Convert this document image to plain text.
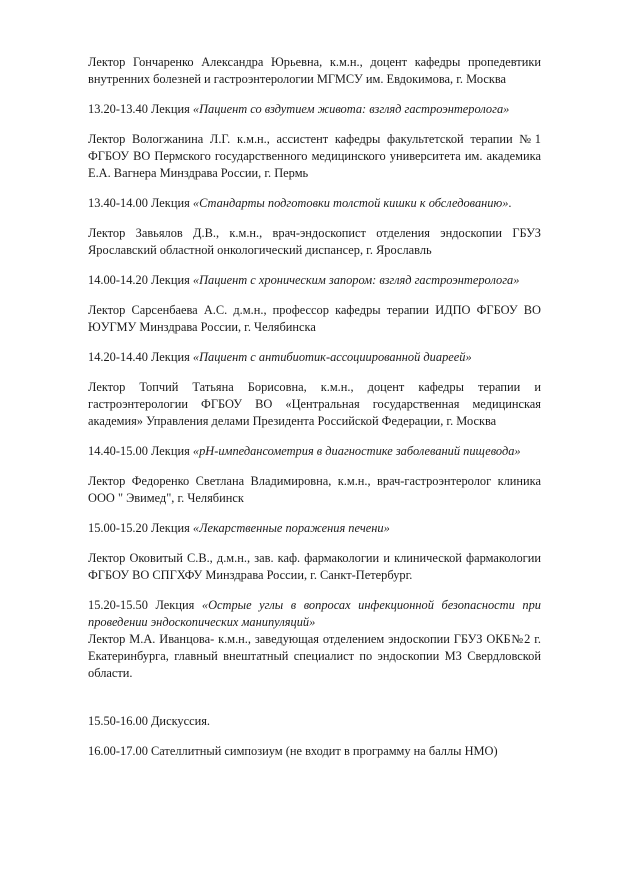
Лектор Гончаренко Александра Юрьевна, к.м.н., доцент кафедры пропедевтики внутренних болезней и гастроэнтерологии МГМСУ им. Евдокимова, г. Москва

13.20-13.40 Лекция «Пациент со вздутием живота: взгляд гастроэнтеролога»

Лектор Вологжанина Л.Г. к.м.н., ассистент кафедры факультетской терапии №1 ФГБОУ ВО Пермского государственного медицинского университета им. академика Е.А. Вагнера Минздрава России, г. Пермь

13.40-14.00 Лекция «Стандарты подготовки толстой кишки к обследованию».

Лектор Завьялов Д.В., к.м.н., врач-эндоскопист отделения эндоскопии ГБУЗ Ярославский областной онкологический диспансер, г. Ярославль

14.00-14.20 Лекция «Пациент с хроническим запором: взгляд гастроэнтеролога»

Лектор Сарсенбаева А.С. д.м.н., профессор кафедры терапии ИДПО ФГБОУ ВО ЮУГМУ Минздрава России, г. Челябинска

14.20-14.40 Лекция «Пациент с антибиотик-ассоциированной диареей»

Лектор Топчий Татьяна Борисовна, к.м.н., доцент кафедры терапии и гастроэнтерологии ФГБОУ ВО «Центральная государственная медицинская академия» Управления делами Президента Российской Федерации, г. Москва

14.40-15.00 Лекция «pH-импедансометрия в диагностике заболеваний пищевода»

Лектор Федоренко Светлана Владимировна, к.м.н., врач-гастроэнтеролог клиника ООО " Эвимед", г. Челябинск

15.00-15.20 Лекция «Лекарственные поражения печени»

Лектор Оковитый С.В., д.м.н., зав. каф. фармакологии и клинической фармакологии ФГБОУ ВО СПГХФУ Минздрава России, г. Санкт-Петербург.

15.20-15.50 Лекция «Острые углы в вопросах инфекционной безопасности при проведении эндоскопических манипуляций»

Лектор М.А. Иванцова- к.м.н., заведующая отделением эндоскопии ГБУЗ ОКБ№2 г. Екатеринбурга, главный внештатный специалист по эндоскопии МЗ Свердловской области.

15.50-16.00 Дискуссия.

16.00-17.00 Сателлитный симпозиум (не входит в программу на баллы НМО)
